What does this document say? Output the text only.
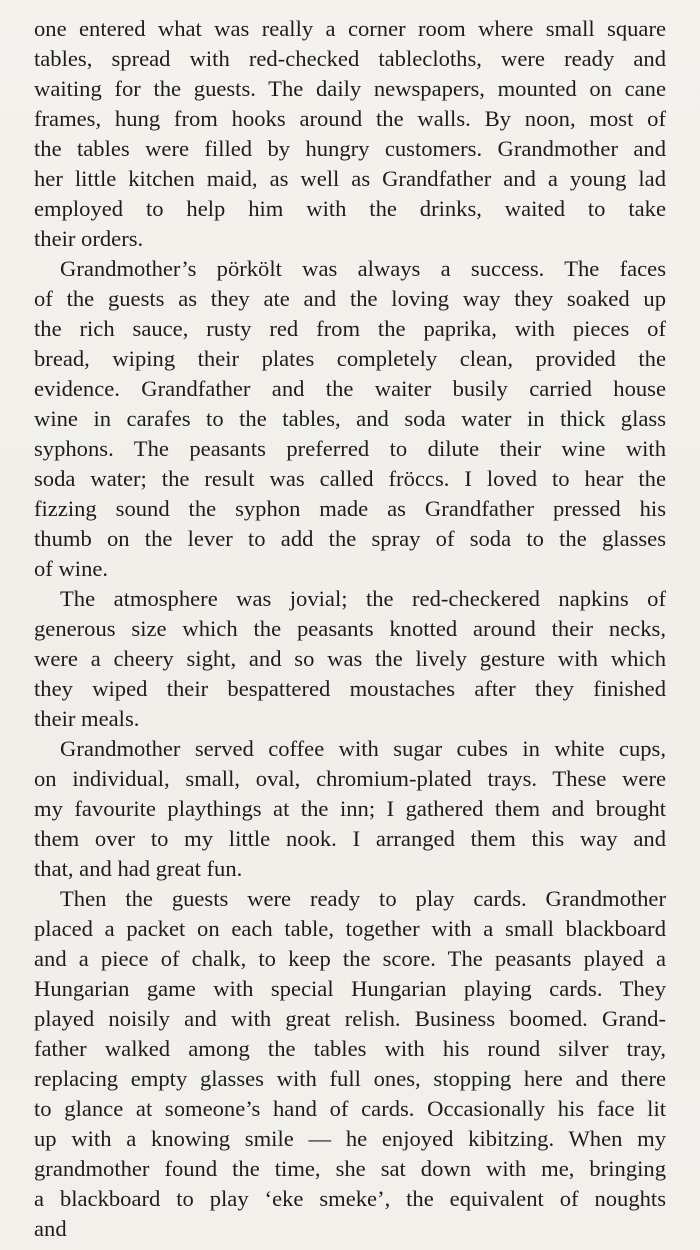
one entered what was really a corner room where small square
tables, spread with red-checked tablecloths, were ready and
waiting for the guests. The daily newspapers, mounted on cane
frames, hung from hooks around the walls. By noon, most of
the tables were filled by hungry customers. Grandmother and
her little kitchen maid, as well as Grandfather and a young lad
employed to help him with the drinks, waited to take
their orders.
Grandmother’s pörkölt was always a success. The faces
of the guests as they ate and the loving way they soaked up
the rich sauce, rusty red from the paprika, with pieces of
bread, wiping their plates completely clean, provided the
evidence. Grandfather and the waiter busily carried house
wine in carafes to the tables, and soda water in thick glass
syphons. The peasants preferred to dilute their wine with
soda water; the result was called fröccs. I loved to hear the
fizzing sound the syphon made as Grandfather pressed his
thumb on the lever to add the spray of soda to the glasses
of wine.
The atmosphere was jovial; the red-checkered napkins of
generous size which the peasants knotted around their necks,
were a cheery sight, and so was the lively gesture with which
they wiped their bespattered moustaches after they finished
their meals.
Grandmother served coffee with sugar cubes in white cups,
on individual, small, oval, chromium-plated trays. These were
my favourite playthings at the inn; I gathered them and brought
them over to my little nook. I arranged them this way and
that, and had great fun.
Then the guests were ready to play cards. Grandmother
placed a packet on each table, together with a small blackboard
and a piece of chalk, to keep the score. The peasants played a
Hungarian game with special Hungarian playing cards. They
played noisily and with great relish. Business boomed. Grand-
father walked among the tables with his round silver tray,
replacing empty glasses with full ones, stopping here and there
to glance at someone’s hand of cards. Occasionally his face lit
up with a knowing smile — he enjoyed kibitzing. When my
grandmother found the time, she sat down with me, bringing
a blackboard to play ‘eke smeke’, the equivalent of noughts
and
